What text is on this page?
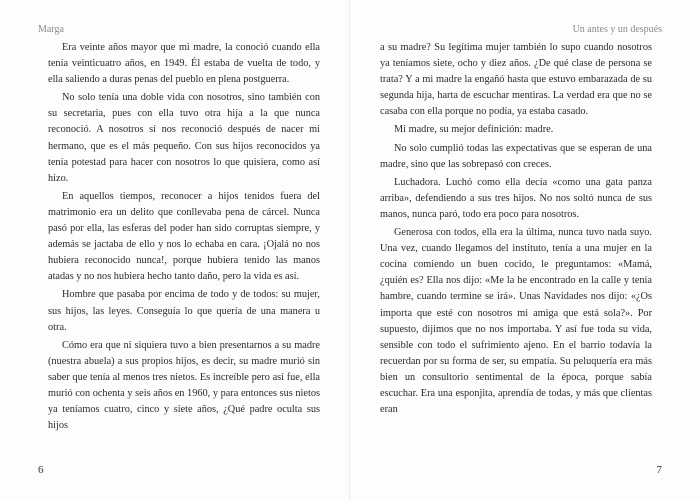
Marga

Era veinte años mayor que mi madre, la conoció cuando ella tenía veinticuatro años, en 1949. Él estaba de vuelta de todo, y ella saliendo a duras penas del pueblo en plena postguerra.

No solo tenía una doble vida con nosotros, sino también con su secretaria, pues con ella tuvo otra hija a la que nunca reconoció. A nosotros sí nos reconoció después de nacer mi hermano, que es el más pequeño. Con sus hijos reconocidos ya tenía potestad para hacer con nosotros lo que quisiera, como así hizo.

En aquellos tiempos, reconocer a hijos tenidos fuera del matrimonio era un delito que conllevaba pena de cárcel. Nunca pasó por ella, las esferas del poder han sido corruptas siempre, y además se jactaba de ello y nos lo echaba en cara. ¡Ojalá no nos hubiera reconocido nunca!, porque hubiera tenido las manos atadas y no nos hubiera hecho tanto daño, pero la vida es así.

Hombre que pasaba por encima de todo y de todos: su mujer, sus hijos, las leyes. Conseguía lo que quería de una manera u otra.

Cómo era que ni siquiera tuvo a bien presentarnos a su madre (nuestra abuela) a sus propios hijos, es decir, su madre murió sin saber que tenía al menos tres nietos. Es increíble pero así fue, ella murió con ochenta y seis años en 1960, y para entonces sus nietos ya teníamos cuatro, cinco y siete años, ¿Qué padre oculta sus hijos

6
Un antes y un después

a su madre? Su legítima mujer también lo supo cuando nosotros ya teníamos siete, ocho y diez años. ¿De qué clase de persona se trata? Y a mi madre la engañó hasta que estuvo embarazada de su segunda hija, harta de escuchar mentiras. La verdad era que no se casaba con ella porque no podía, ya estaba casado.

Mi madre, su mejor definición: madre.

No solo cumplió todas las expectativas que se esperan de una madre, sino que las sobrepasó con creces.

Luchadora. Luchó como ella decía «como una gata panza arriba», defendiendo a sus tres hijos. No nos soltó nunca de sus manos, nunca paró, todo era poco para nosotros.

Generosa con todos, ella era la última, nunca tuvo nada suyo. Una vez, cuando llegamos del instituto, tenía a una mujer en la cocina comiendo un buen cocido, le preguntamos: «Mamá, ¿quién es? Ella nos dijo: «Me la he encontrado en la calle y tenía hambre, cuando termine se irá». Unas Navidades nos dijo: «¿Os importa que esté con nosotros mi amiga que está sola?». Por supuesto, dijimos que no nos importaba. Y así fue toda su vida, sensible con todo el sufrimiento ajeno. En el barrio todavía la recuerdan por su forma de ser, su empatía. Su peluquería era más bien un consultorio sentimental de la época, porque sabía escuchar. Era una esponjita, aprendía de todas, y más que clientas eran

7
